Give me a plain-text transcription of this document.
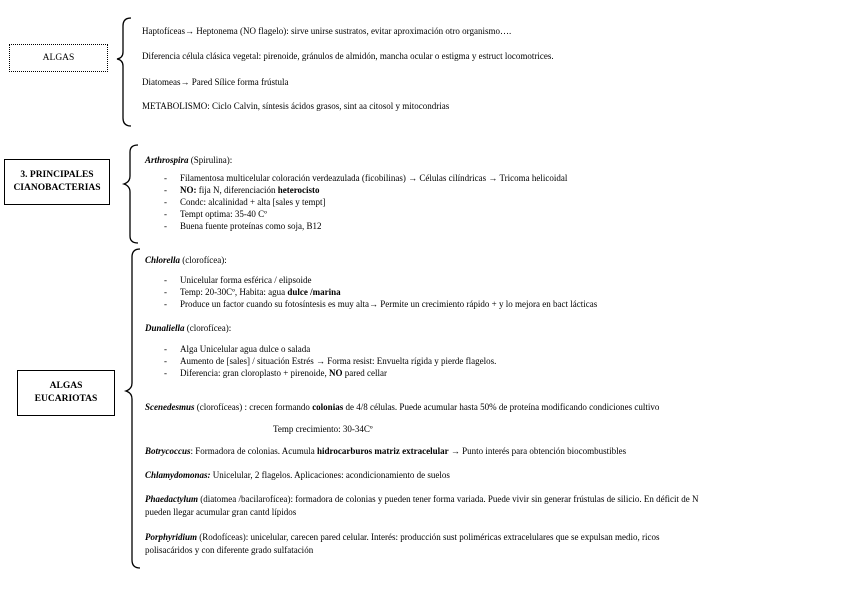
ALGAS
3. PRINCIPALES
CIANOBACTERIAS
ALGAS
EUCARIOTAS
Haptofíceas→ Heptonema (NO flagelo): sirve unirse sustratos, evitar aproximación otro organismo….
Diferencia célula clásica vegetal: pirenoide, gránulos de almidón, mancha ocular o estigma y estruct locomotrices.
Diatomeas→ Pared Sílice forma frústula
METABOLISMO: Ciclo Calvin, síntesis ácidos grasos, sint aa citosol y mitocondrias
Arthrospira (Spirulina):
- Filamentosa multicelular coloración verdeazulada (ficobilinas) → Células cilíndricas → Tricoma helicoidal
- NO: fija N, diferenciación heterocisto
- Condc: alcalinidad + alta [sales y tempt]
- Tempt optima: 35-40 Cº
- Buena fuente proteínas como soja, B12
Chlorella (clorofícea):
- Unicelular forma esférica / elipsoide
- Temp: 20-30Cº, Habita: agua dulce /marina
- Produce un factor cuando su fotosíntesis es muy alta→ Permite un crecimiento rápido + y lo mejora en bact lácticas
Dunaliella (clorofícea):
- Alga Unicelular agua dulce o salada
- Aumento de [sales] / situación Estrés → Forma resist: Envuelta rígida y pierde flagelos.
- Diferencia: gran cloroplasto + pirenoide, NO pared cellar
Scenedesmus (clorofíceas) : crecen formando colonias de 4/8 células. Puede acumular hasta 50% de proteína modificando condiciones cultivo
Temp crecimiento: 30-34Cº
Botrycoccus: Formadora de colonias. Acumula hidrocarburos matriz extracelular → Punto interés para obtención biocombustibles
Chlamydomonas: Unicelular, 2 flagelos. Aplicaciones: acondicionamiento de suelos
Phaedactylum (diatomea /bacilarofícea): formadora de colonias y pueden tener forma variada. Puede vivir sin generar frústulas de silicio. En déficit de N
pueden llegar acumular gran cantd lípidos
Porphyridium (Rodofíceas): unicelular, carecen pared celular. Interés: producción sust poliméricas extracelulares que se expulsan medio, ricos
polisacáridos y con diferente grado sulfatación
